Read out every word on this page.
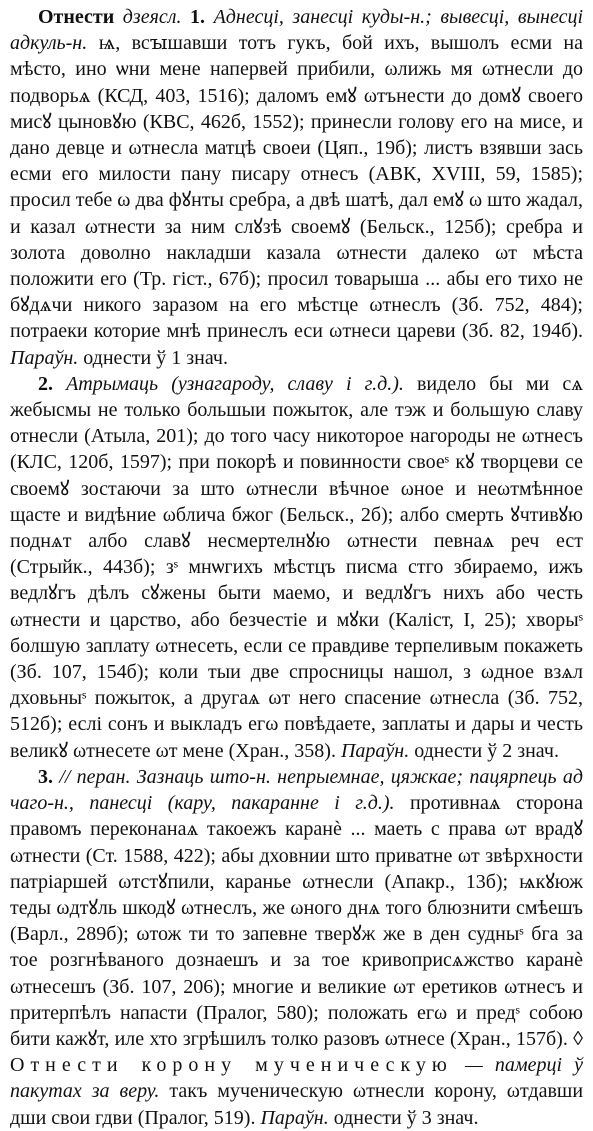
Отнести дзеясл. 1. Аднесці, занесці куды-н.; вывесці, вынесці адкуль-н. ѩ, всꙑшавши тотъ гукъ, бой ихъ, вышолъ есми на мѣсто, ино ѡни мене напервей прибили, ωлижь мя ωтнесли до подворьѧ (КСД, 403, 1516); даломъ емꙋ ωтънести до домꙋ своего мисꙋ цыновꙋю (КВС, 462б, 1552); принесли голову его на мисе, и дано девце и ωтнесла матцѣ своеи (Цяп., 19б); листъ взявши зась есми его милости пану писару отнесъ (АВК, XVIII, 59, 1585); просил тебе ω два фꙋнты сребра, а двѣ шатѣ, дал емꙋ ω што жадал, и казал ωтнести за ним слꙋзѣ своемꙋ (Бельск., 125б); сребра и золота доволно накладши казала ωтнести далеко ωт мѣста положити его (Тр. гіст., 67б); просил товарыша ... абы его тихо не бꙋдѧчи никого заразом на его мѣстце ωтнеслъ (Зб. 752, 484); потраеки которие мнѣ принеслъ еси ωтнеси цареви (Зб. 82, 194б). Параўн. однести ў 1 знач.

2. Атрымаць (узнагароду, славу і г.д.). видело бы ми сѧ жебысмы не только большыи пожыток, але тэж и большую славу отнесли (Атыла, 201); до того часу никоторое нагороды не ωтнесъ (КЛС, 120б, 1597); при покорѣ и повинности своеˢ кꙋ творцеви се своемꙋ зостаючи за што ωтнесли вѣчное ωное и неωтмѣнное щасте и видѣние ωблича бжог (Бельск., 2б); албо смерть ꙋчтивꙋю поднѧт албо славꙋ несмертелнꙋю ωтнести певнаѧ реч ест (Стрыйк., 443б); зˢ мнѡгихъ мѣстцъ писма стго збираемо, ижъ ведлꙋгъ дѣлъ сꙋжены быти маемо, и ведлꙋгъ нихъ або честь ωтнести и царство, або безчестіе и мꙋки (Каліст, І, 25); хворыˢ болшую заплату ωтнесеть, если се правдиве терпеливым покажеть (Зб. 107, 154б); коли тыи две спросницы нашол, з ωдное взѧл дховьныˢ пожыток, а другаѧ ωт него спасение ωтнесла (Зб. 752, 512б); еслі сонъ и выкладъ егω повѣдаете, заплаты и дары и честь великꙋ ωтнесете ωт мене (Хран., 358). Параўн. однести ў 2 знач.

3. // перан. Зазнаць што-н. непрыемнае, цяжкае; пацярпець ад чаго-н., панесці (кару, пакаранне і г.д.). противнаѧ сторона правомъ переконанаѧ такоежъ каранѐ ... маеть с права ωт врадꙋ ωтнести (Ст. 1588, 422); абы дховнии што приватне ωт звѣрхности патріаршей ωтстꙋпили, каранье ωтнесли (Апакр., 13б); ѩкꙋюж теды ωдтꙋль шкодꙋ ωтнеслъ, же ωного днѧ того блюзнити смѣешъ (Варл., 289б); ωтож ти то запевне тверꙋж же в ден судныˢ бга за тое розгнѣваного дознаешъ и за тое кривоприсѧжство каранѐ ωтнесешъ (Зб. 107, 206); многие и великие ωт еретиков ωтнесъ и притерпѣлъ напасти (Пралог, 580); положать егω и предˢ собою бити кажꙋт, иле хто згрѣшилъ толко разовъ ωтнесе (Хран., 157б). ◊ Отнести корону мученическую — памерці ў пакутах за веру. такъ мученическую ωтнесли корону, ωтдавши дши свои гдви (Пралог, 519). Параўн. однести ў 3 знач.
